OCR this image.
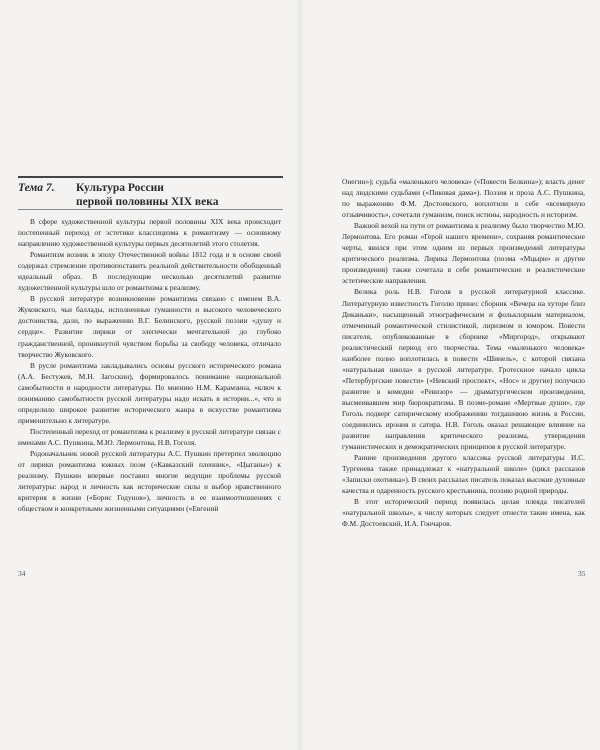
Тема 7.	Культура России
первой половины XIX века

В сфере художественной культуры первой половины XIX века происходит постепенный переход от эстетики классицизма к романтизму — основному направлению художественной культуры первых десятилетий этого столетия.

Романтизм возник в эпоху Отечественной войны 1812 года и в основе своей содержал стремление противопоставить реальной действительности обобщенный идеальный образ. В последующие несколько десятилетий развитие художественной культуры шло от романтизма к реализму.

В русской литературе возникновение романтизма связано с именем В.А. Жуковского, чьи баллады, исполненные гуманности и высокого человеческого достоинства, дали, по выражению В.Г. Белинского, русской поэзии «душу и сердце». Развитие лирики от элегически мечтательной до глубоко гражданственной, проникнутой чувством борьбы за свободу человека, отличало творчество Жуковского.

В русле романтизма закладывались основы русского исторического романа (А.А. Бестужев, М.Н. Загоскин), формировалось понимание национальной самобытности и народности литературы. По мнению Н.М. Карамзина, «ключ к пониманию самобытности русской литературы надо искать в истории...», что и определило широкое развитие исторического жанра в искусстве романтизма применительно к литературе.

Постепенный переход от романтизма к реализму в русской литературе связан с именами А.С. Пушкина, М.Ю. Лермонтова, Н.В. Гоголя.

Родоначальник новой русской литературы А.С. Пушкин претерпел эволюцию от лирики романтизма южных поэм («Кавказский пленник», «Цыганы») к реализму. Пушкин впервые поставил многие ведущие проблемы русской литературы: народ и личность как исторические силы и выбор нравственного критерия в жизни («Борис Годунов»), личность в ее взаимоотношениях с обществом и конкретными жизненными ситуациями («Евгений

34

Онегин»); судьба «маленького человека» («Повести Белкина»); власть денег над людскими судьбами («Пиковая дама»). Поэзия и проза А.С. Пушкина, по выражению Ф.М. Достоевского, воплотили в себе «всемирную отзывчивость», сочетали гуманизм, поиск истины, народность и историзм.

Важной вехой на пути от романтизма к реализму было творчество М.Ю. Лермонтова. Его роман «Герой нашего времени», сохраняя романтические черты, явился при этом одним из первых произведений литературы критического реализма. Лирика Лермонтова (поэма «Мцыри» и другие произведения) также сочетала в себе романтические и реалистические эстетические направления.

Велика роль Н.В. Гоголя в русской литературной классике. Литературную известность Гоголю принес сборник «Вечера на хуторе близ Диканьки», насыщенный этнографическим и фольклорным материалом, отмеченный романтической стилистикой, лиризмом и юмором. Повести писателя, опубликованные в сборнике «Миргород», открывают реалистический период его творчества. Тема «маленького человека» наиболее полно воплотилась в повести «Шинель», с которой связана «натуральная школа» в русской литературе. Гротескное начало цикла «Петербургские повести» («Невский проспект», «Нос» и другие) получило развитие в комедии «Ревизор» — драматургическом произведении, высмеивавшем мир бюрократизма. В поэме-романе «Мертвые души», где Гоголь подверг сатирическому изображению тогдашнюю жизнь в России, соединились ирония и сатира. Н.В. Гоголь оказал решающее влияние на развитие направления критического реализма, утверждения гуманистических и демократических принципов в русской литературе.

Ранние произведения другого классика русской литературы И.С. Тургенева также принадлежат к «натуральной школе» (цикл рассказов «Записки охотника»). В своих рассказах писатель показал высокие духовные качества и одаренность русского крестьянина, поэзию родной природы.

В этот исторический период появилась целая плеяда писателей «натуральной школы», к числу которых следует отнести такие имена, как Ф.М. Достоевский, И.А. Гончаров.

35
